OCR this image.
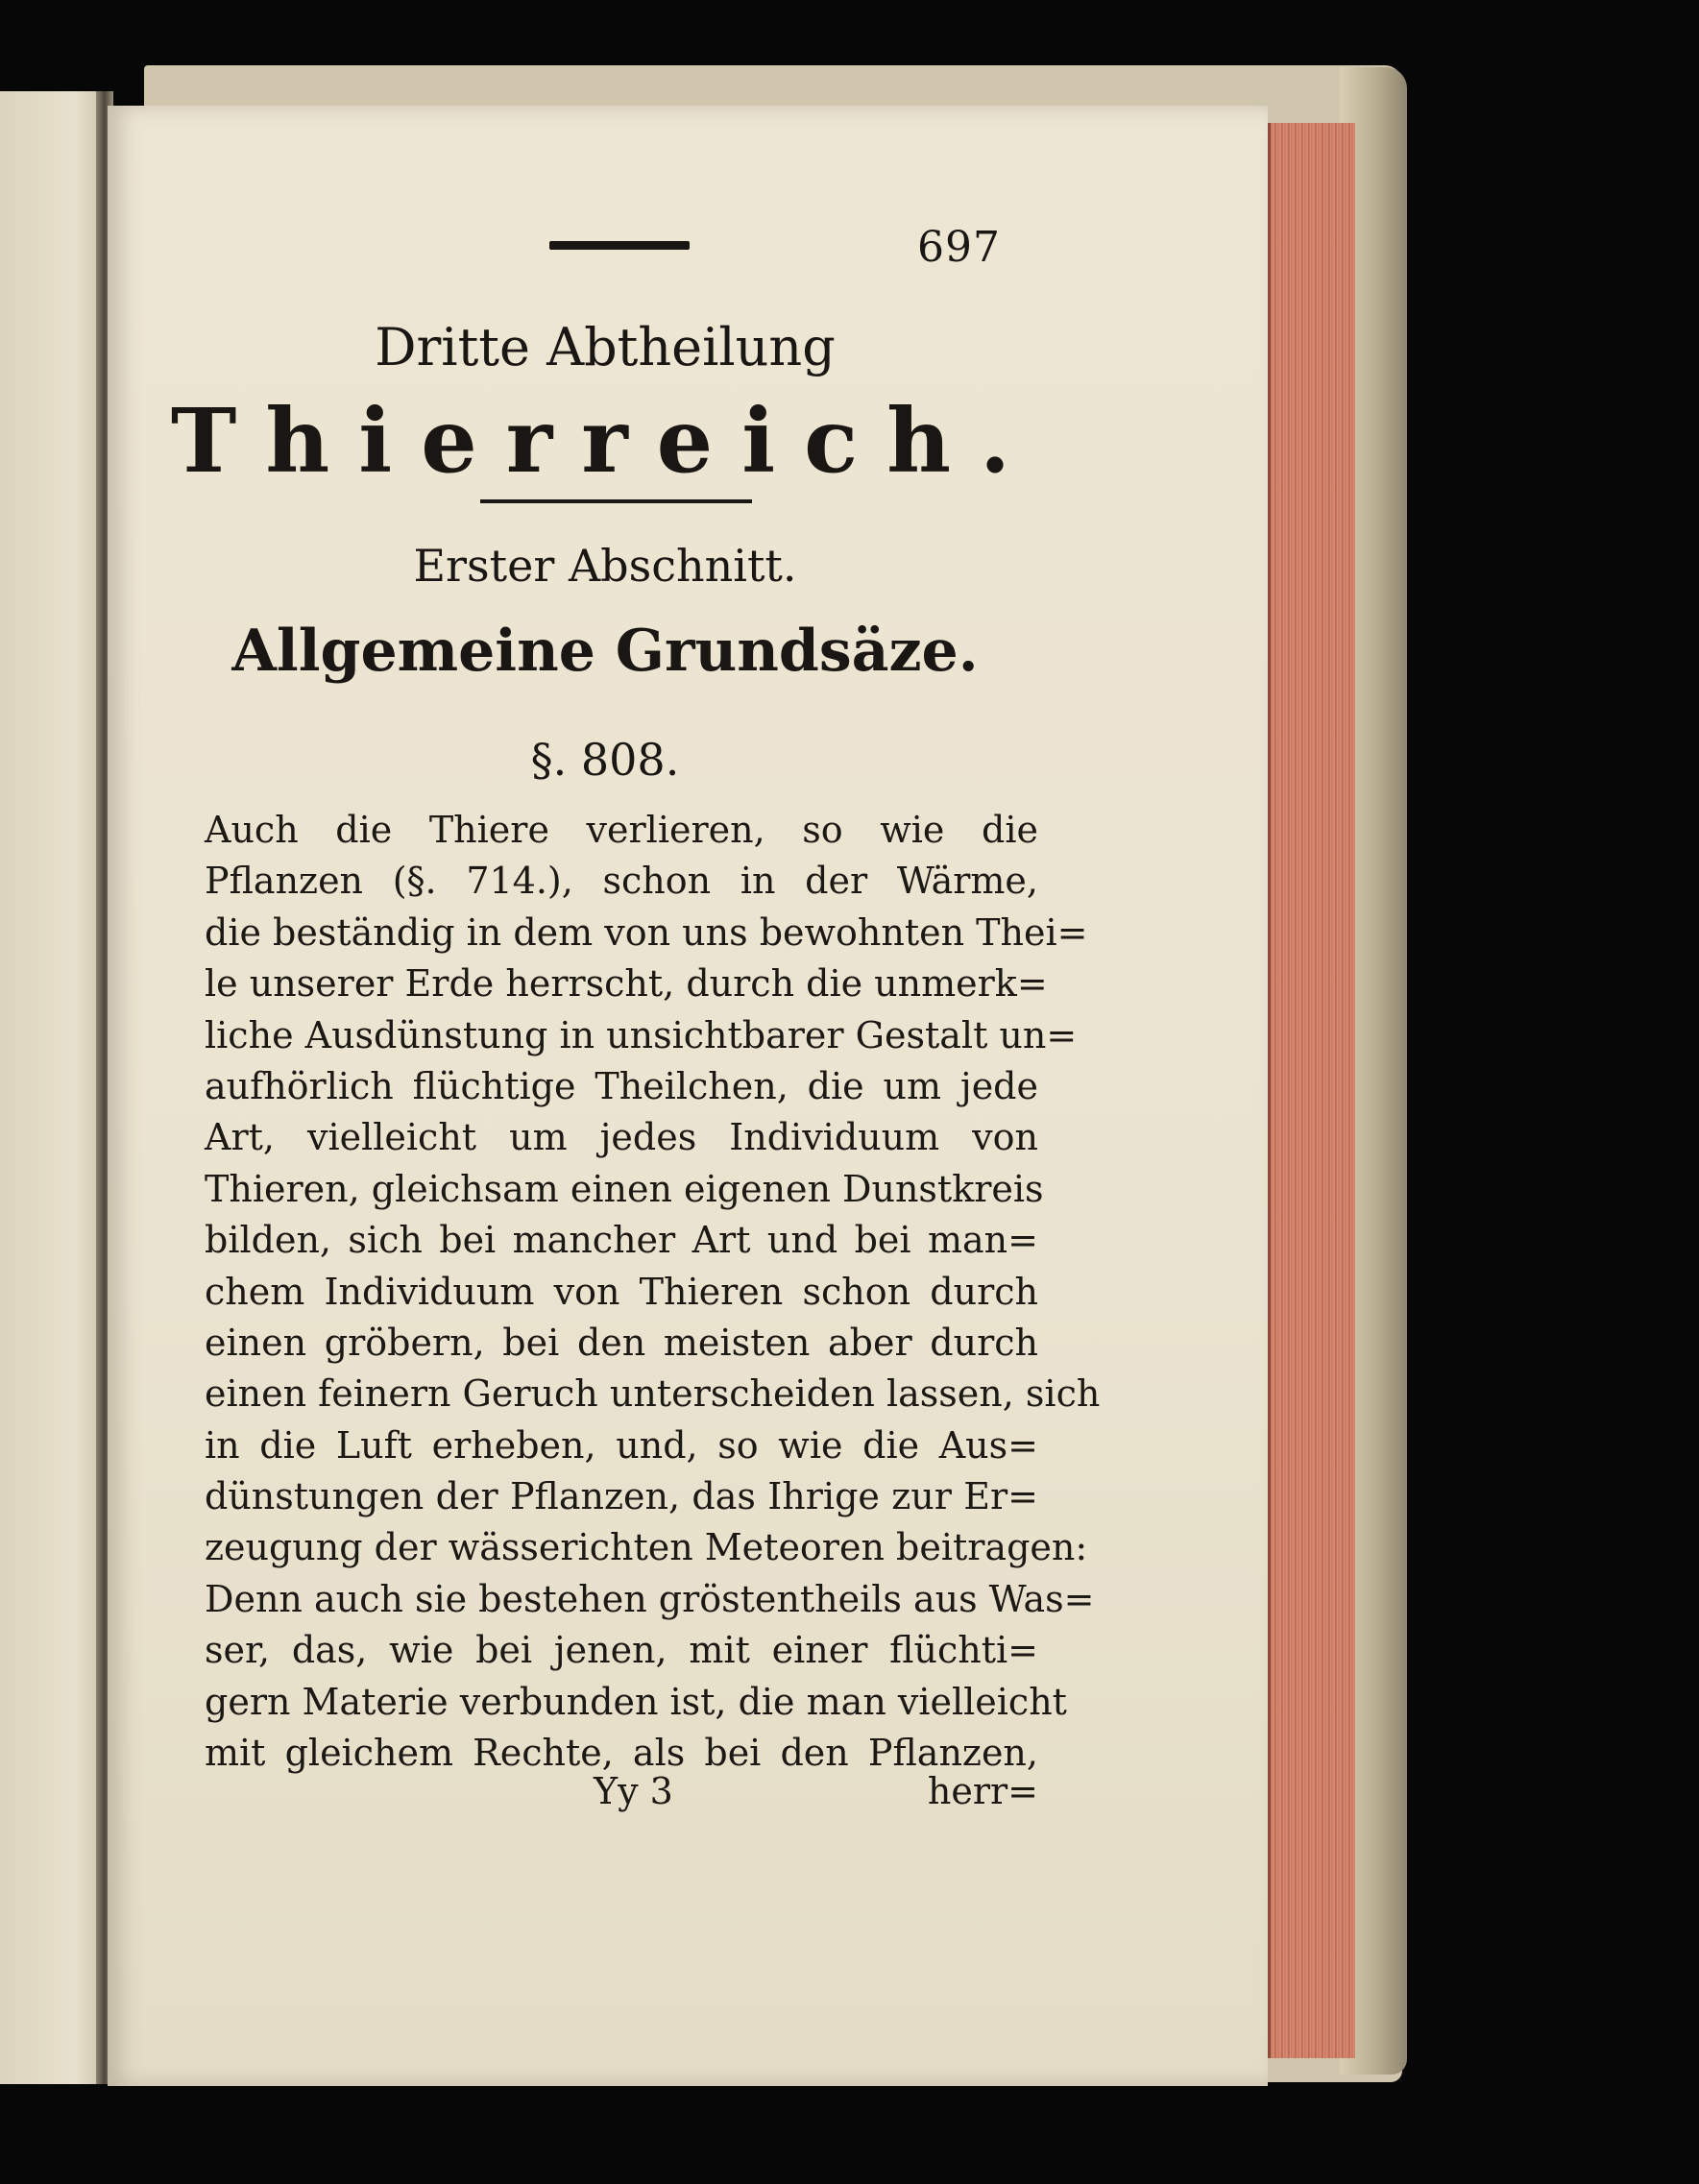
697
Dritte Abtheilung
Thierreich.
Erster Abschnitt.
Allgemeine Grundsäze.
§. 808.
Auch die Thiere verlieren, so wie die
Pflanzen (§. 714.), schon in der Wärme,
die beständig in dem von uns bewohnten Thei=
le unserer Erde herrscht, durch die unmerk=
liche Ausdünstung in unsichtbarer Gestalt un=
aufhörlich flüchtige Theilchen, die um jede
Art, vielleicht um jedes Individuum von
Thieren, gleichsam einen eigenen Dunstkreis
bilden, sich bei mancher Art und bei man=
chem Individuum von Thieren schon durch
einen gröbern, bei den meisten aber durch
einen feinern Geruch unterscheiden lassen, sich
in die Luft erheben, und, so wie die Aus=
dünstungen der Pflanzen, das Ihrige zur Er=
zeugung der wässerichten Meteoren beitragen:
Denn auch sie bestehen gröstentheils aus Was=
ser, das, wie bei jenen, mit einer flüchti=
gern Materie verbunden ist, die man vielleicht
mit gleichem Rechte, als bei den Pflanzen,
Yy 3	herr=
